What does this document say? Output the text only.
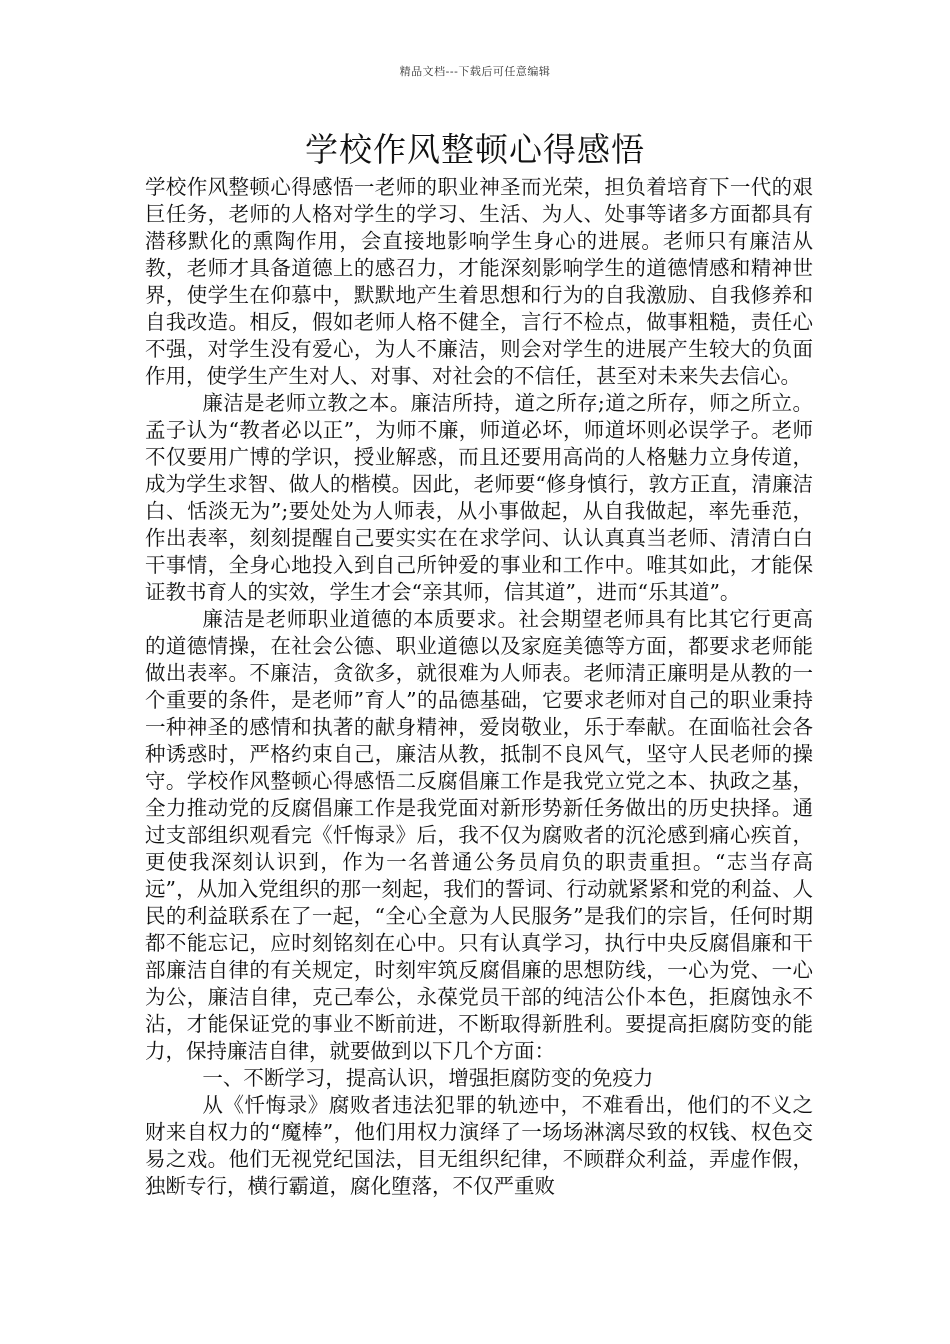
精品文档---下载后可任意编辑
学校作风整顿心得感悟

学校作风整顿心得感悟一老师的职业神圣而光荣，担负着培育下一代的艰巨任务，老师的人格对学生的学习、生活、为人、处事等诸多方面都具有潜移默化的熏陶作用，会直接地影响学生身心的进展。老师只有廉洁从教，老师才具备道德上的感召力，才能深刻影响学生的道德情感和精神世界，使学生在仰慕中，默默地产生着思想和行为的自我激励、自我修养和自我改造。相反，假如老师人格不健全，言行不检点，做事粗糙，责任心不强，对学生没有爱心，为人不廉洁，则会对学生的进展产生较大的负面作用，使学生产生对人、对事、对社会的不信任，甚至对未来失去信心。

廉洁是老师立教之本。廉洁所持，道之所存;道之所存，师之所立。孟子认为“教者必以正”，为师不廉，师道必坏，师道坏则必误学子。老师不仅要用广博的学识，授业解惑，而且还要用高尚的人格魅力立身传道，成为学生求智、做人的楷模。因此，老师要“修身慎行，敦方正直，清廉洁白、恬淡无为”;要处处为人师表，从小事做起，从自我做起，率先垂范，作出表率，刻刻提醒自己要实实在在求学问、认认真真当老师、清清白白干事情，全身心地投入到自己所钟爱的事业和工作中。唯其如此，才能保证教书育人的实效，学生才会“亲其师，信其道”，进而“乐其道”。

廉洁是老师职业道德的本质要求。社会期望老师具有比其它行更高的道德情操，在社会公德、职业道德以及家庭美德等方面，都要求老师能做出表率。不廉洁，贪欲多，就很难为人师表。老师清正廉明是从教的一个重要的条件，是老师”育人”的品德基础，它要求老师对自己的职业秉持一种神圣的感情和执著的献身精神，爱岗敬业，乐于奉献。在面临社会各种诱惑时，严格约束自己，廉洁从教，抵制不良风气，坚守人民老师的操守。学校作风整顿心得感悟二反腐倡廉工作是我党立党之本、执政之基，全力推动党的反腐倡廉工作是我党面对新形势新任务做出的历史抉择。通过支部组织观看完《忏悔录》后，我不仅为腐败者的沉沦感到痛心疾首，更使我深刻认识到，作为一名普通公务员肩负的职责重担。“志当存高远”，从加入党组织的那一刻起，我们的誓词、行动就紧紧和党的利益、人民的利益联系在了一起，“全心全意为人民服务”是我们的宗旨，任何时期都不能忘记，应时刻铭刻在心中。只有认真学习，执行中央反腐倡廉和干部廉洁自律的有关规定，时刻牢筑反腐倡廉的思想防线，一心为党、一心为公，廉洁自律，克己奉公，永葆党员干部的纯洁公仆本色，拒腐蚀永不沾，才能保证党的事业不断前进，不断取得新胜利。要提高拒腐防变的能力，保持廉洁自律，就要做到以下几个方面：

一、不断学习，提高认识，增强拒腐防变的免疫力

从《忏悔录》腐败者违法犯罪的轨迹中，不难看出，他们的不义之财来自权力的“魔棒”，他们用权力演绎了一场场淋漓尽致的权钱、权色交易之戏。他们无视党纪国法，目无组织纪律，不顾群众利益，弄虚作假，独断专行，横行霸道，腐化堕落，不仅严重败
